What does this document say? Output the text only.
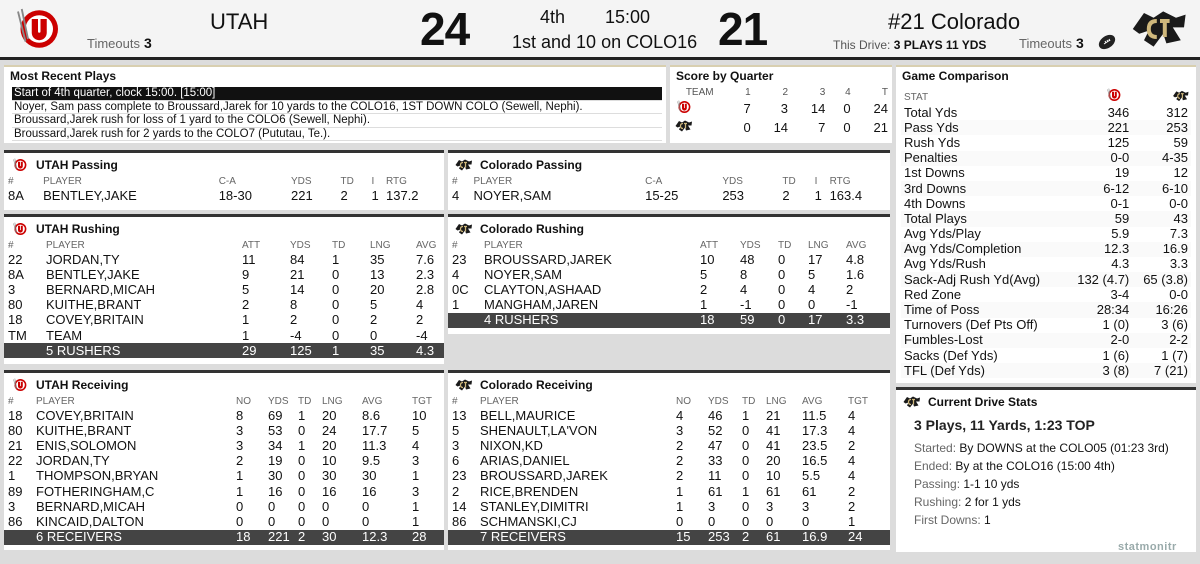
UTAH
Timeouts 3	24	4th 15:00
1st and 10 on COLO16 21	#21 Colorado
This Drive: 3 PLAYS 11 YDS	Timeouts 3
Most Recent Plays
Start of 4th quarter, clock 15:00. [15:00]
Noyer, Sam pass complete to Broussard,Jarek for 10 yards to the COLO16, 1ST DOWN COLO (Sewell, Nephi).
Broussard,Jarek rush for loss of 1 yard to the COLO6 (Sewell, Nephi).
Broussard,Jarek rush for 2 yards to the COLO7 (Pututau, Te.).
Score by Quarter
TEAM	1	2	3	4	T
	7	3	14	0	24
	0	14	7	0	21
UTAH Passing
#	PLAYER	C-A	YDS	TD	I	RTG
8A	BENTLEY,JAKE	18-30	221	2	1	137.2
Colorado Passing
#	PLAYER	C-A	YDS	TD	I	RTG
4	NOYER,SAM	15-25	253	2	1	163.4
UTAH Rushing
#	PLAYER	ATT	YDS	TD	LNG	AVG
22	JORDAN,TY	11	84	1	35	7.6
8A	BENTLEY,JAKE	9	21	0	13	2.3
3	BERNARD,MICAH	5	14	0	20	2.8
80	KUITHE,BRANT	2	8	0	5	4
18	COVEY,BRITAIN	1	2	0	2	2
TM	TEAM	1	-4	0	0	-4
	5 RUSHERS	29	125	1	35	4.3
Colorado Rushing
#	PLAYER	ATT	YDS	TD	LNG	AVG
23	BROUSSARD,JAREK	10	48	0	17	4.8
4	NOYER,SAM	5	8	0	5	1.6
0C	CLAYTON,ASHAAD	2	4	0	4	2
1	MANGHAM,JAREN	1	-1	0	0	-1
	4 RUSHERS	18	59	0	17	3.3
UTAH Receiving
#	PLAYER	NO	YDS	TD	LNG	AVG	TGT
18	COVEY,BRITAIN	8	69	1	20	8.6	10
80	KUITHE,BRANT	3	53	0	24	17.7	5
21	ENIS,SOLOMON	3	34	1	20	11.3	4
22	JORDAN,TY	2	19	0	10	9.5	3
1	THOMPSON,BRYAN	1	30	0	30	30	1
89	FOTHERINGHAM,C	1	16	0	16	16	3
3	BERNARD,MICAH	0	0	0	0	0	1
86	KINCAID,DALTON	0	0	0	0	0	1
	6 RECEIVERS	18	221	2	30	12.3	28
Colorado Receiving
#	PLAYER	NO	YDS	TD	LNG	AVG	TGT
13	BELL,MAURICE	4	46	1	21	11.5	4
5	SHENAULT,LA'VON	3	52	0	41	17.3	4
3	NIXON,KD	2	47	0	41	23.5	2
6	ARIAS,DANIEL	2	33	0	20	16.5	4
23	BROUSSARD,JAREK	2	11	0	10	5.5	4
2	RICE,BRENDEN	1	61	1	61	61	2
14	STANLEY,DIMITRI	1	3	0	3	3	2
86	SCHMANSKI,CJ	0	0	0	0	0	1
	7 RECEIVERS	15	253	2	61	16.9	24
Game Comparison
STAT
Total Yds	346	312
Pass Yds	221	253
Rush Yds	125	59
Penalties	0-0	4-35
1st Downs	19	12
3rd Downs	6-12	6-10
4th Downs	0-1	0-0
Total Plays	59	43
Avg Yds/Play	5.9	7.3
Avg Yds/Completion	12.3	16.9
Avg Yds/Rush	4.3	3.3
Sack-Adj Rush Yd(Avg)	132 (4.7)	65 (3.8)
Red Zone	3-4	0-0
Time of Poss	28:34	16:26
Turnovers (Def Pts Off)	1 (0)	3 (6)
Fumbles-Lost	2-0	2-2
Sacks (Def Yds)	1 (6)	1 (7)
TFL (Def Yds)	3 (8)	7 (21)
Current Drive Stats
3 Plays, 11 Yards, 1:23 TOP
Started: By DOWNS at the COLO05 (01:23 3rd)
Ended: By at the COLO16 (15:00 4th)
Passing: 1-1 10 yds
Rushing: 2 for 1 yds
First Downs: 1
statmonitr
